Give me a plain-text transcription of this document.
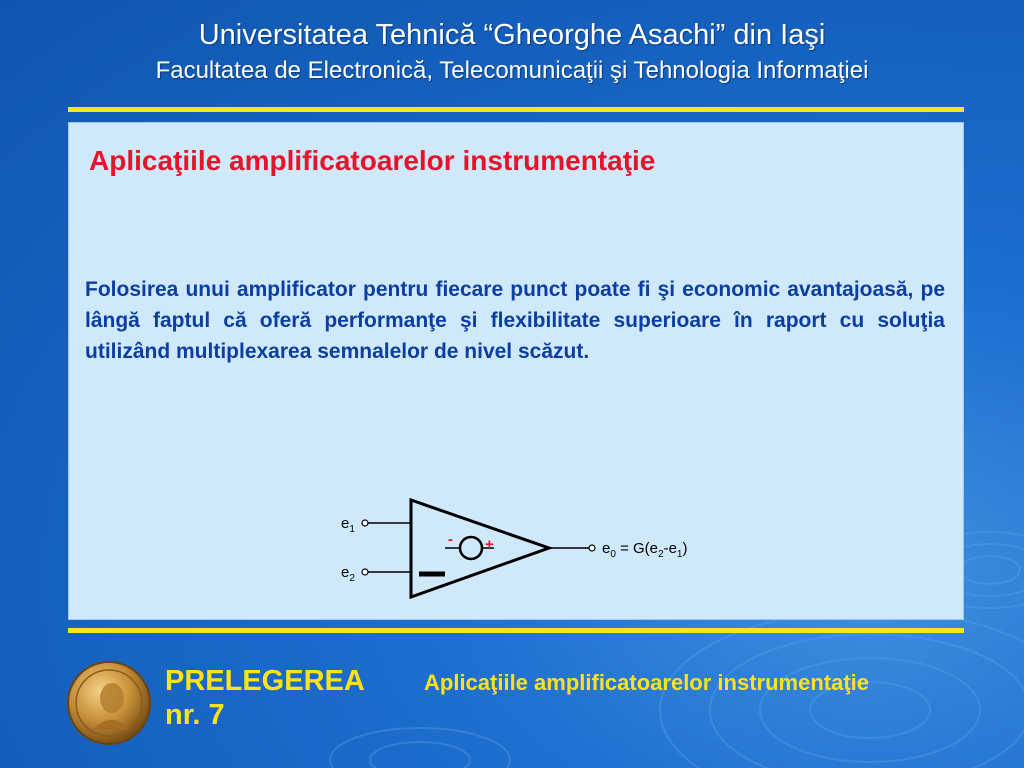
Universitatea Tehnică “Gheorghe Asachi” din Iaşi
Facultatea de Electronică, Telecomunicaţii şi Tehnologia Informaţiei
Aplicaţiile amplificatoarelor instrumentaţie
Folosirea unui amplificator pentru fiecare punct poate fi şi economic avantajoasă, pe lângă faptul că oferă performanţe şi flexibilitate superioare în raport cu soluţia utilizând multiplexarea semnalelor de nivel scăzut.
- +
$e_1$
$e_2$
$e_0 = G(e_2-e_1)$
PRELEGEREA
nr. 7
Aplicaţiile amplificatoarelor instrumentaţie
